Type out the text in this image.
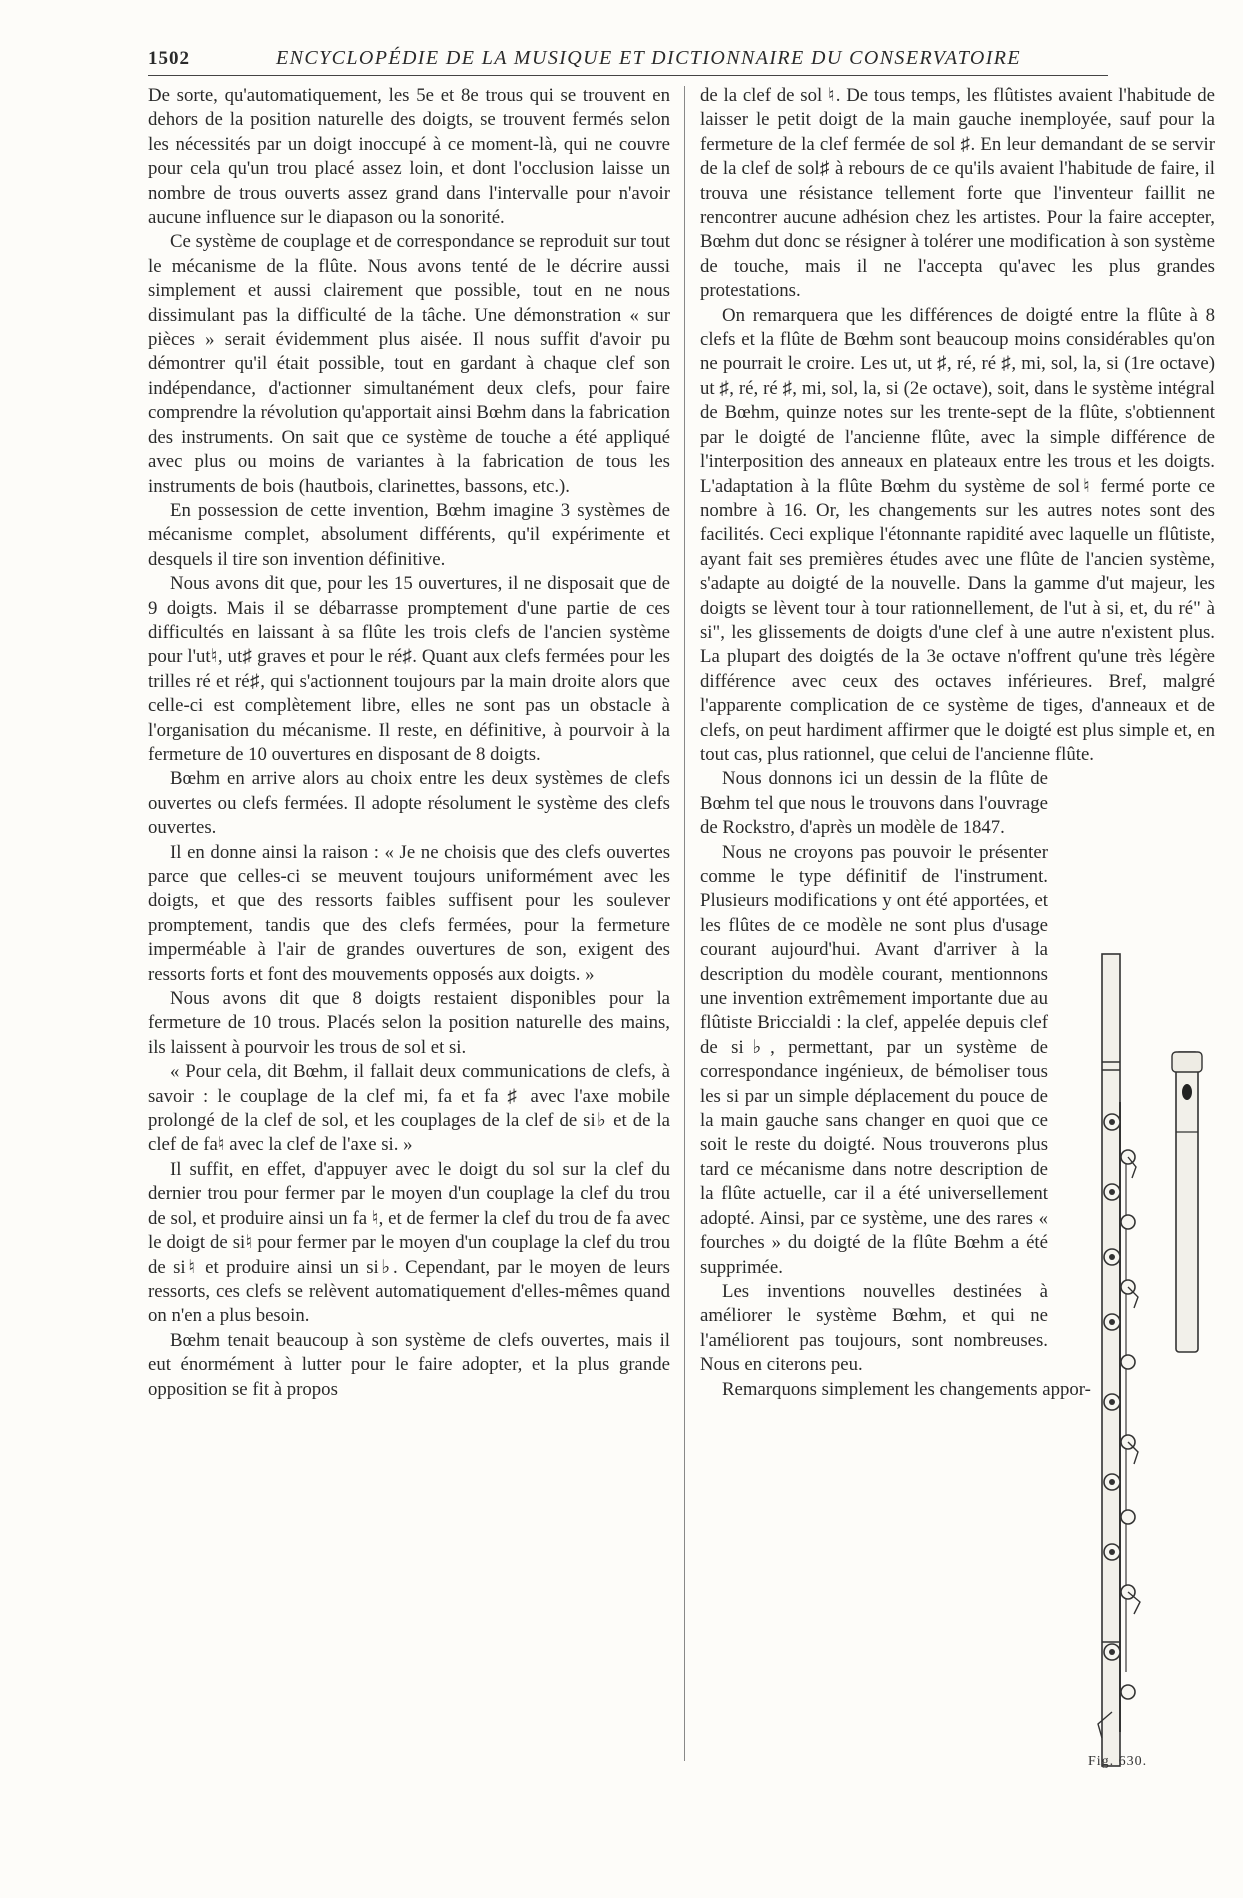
1502	ENCYCLOPÉDIE DE LA MUSIQUE ET DICTIONNAIRE DU CONSERVATOIRE

De sorte, qu'automatiquement, les 5e et 8e trous qui se trouvent en dehors de la position naturelle des doigts, se trouvent fermés selon les nécessités par un doigt inoccupé à ce moment-là, qui ne couvre pour cela qu'un trou placé assez loin, et dont l'occlusion laisse un nombre de trous ouverts assez grand dans l'intervalle pour n'avoir aucune influence sur le diapason ou la sonorité.

Ce système de couplage et de correspondance se reproduit sur tout le mécanisme de la flûte. Nous avons tenté de le décrire aussi simplement et aussi clairement que possible, tout en ne nous dissimulant pas la difficulté de la tâche. Une démonstration « sur pièces » serait évidemment plus aisée. Il nous suffit d'avoir pu démontrer qu'il était possible, tout en gardant à chaque clef son indépendance, d'actionner simultanément deux clefs, pour faire comprendre la révolution qu'apportait ainsi Bœhm dans la fabrication des instruments. On sait que ce système de touche a été appliqué avec plus ou moins de variantes à la fabrication de tous les instruments de bois (hautbois, clarinettes, bassons, etc.).

En possession de cette invention, Bœhm imagine 3 systèmes de mécanisme complet, absolument différents, qu'il expérimente et desquels il tire son invention définitive.

Nous avons dit que, pour les 15 ouvertures, il ne disposait que de 9 doigts. Mais il se débarrasse promptement d'une partie de ces difficultés en laissant à sa flûte les trois clefs de l'ancien système pour l'ut♮, ut♯ graves et pour le ré♯. Quant aux clefs fermées pour les trilles ré et ré♯, qui s'actionnent toujours par la main droite alors que celle-ci est complètement libre, elles ne sont pas un obstacle à l'organisation du mécanisme. Il reste, en définitive, à pourvoir à la fermeture de 10 ouvertures en disposant de 8 doigts.

Bœhm en arrive alors au choix entre les deux systèmes de clefs ouvertes ou clefs fermées. Il adopte résolument le système des clefs ouvertes.

Il en donne ainsi la raison : « Je ne choisis que des clefs ouvertes parce que celles-ci se meuvent toujours uniformément avec les doigts, et que des ressorts faibles suffisent pour les soulever promptement, tandis que des clefs fermées, pour la fermeture imperméable à l'air de grandes ouvertures de son, exigent des ressorts forts et font des mouvements opposés aux doigts. »

Nous avons dit que 8 doigts restaient disponibles pour la fermeture de 10 trous. Placés selon la position naturelle des mains, ils laissent à pourvoir les trous de sol et si.

« Pour cela, dit Bœhm, il fallait deux communications de clefs, à savoir : le couplage de la clef mi, fa et fa ♯ avec l'axe mobile prolongé de la clef de sol, et les couplages de la clef de si♭ et de la clef de fa♮ avec la clef de l'axe si. »

Il suffit, en effet, d'appuyer avec le doigt du sol sur la clef du dernier trou pour fermer par le moyen d'un couplage la clef du trou de sol, et produire ainsi un fa ♮, et de fermer la clef du trou de fa avec le doigt de si♮ pour fermer par le moyen d'un couplage la clef du trou de si♮ et produire ainsi un si♭. Cependant, par le moyen de leurs ressorts, ces clefs se relèvent automatiquement d'elles-mêmes quand on n'en a plus besoin.

Bœhm tenait beaucoup à son système de clefs ouvertes, mais il eut énormément à lutter pour le faire adopter, et la plus grande opposition se fit à propos

de la clef de sol ♮. De tous temps, les flûtistes avaient l'habitude de laisser le petit doigt de la main gauche inemployée, sauf pour la fermeture de la clef fermée de sol ♯. En leur demandant de se servir de la clef de sol♯ à rebours de ce qu'ils avaient l'habitude de faire, il trouva une résistance tellement forte que l'inventeur faillit ne rencontrer aucune adhésion chez les artistes. Pour la faire accepter, Bœhm dut donc se résigner à tolérer une modification à son système de touche, mais il ne l'accepta qu'avec les plus grandes protestations.

On remarquera que les différences de doigté entre la flûte à 8 clefs et la flûte de Bœhm sont beaucoup moins considérables qu'on ne pourrait le croire. Les ut, ut ♯, ré, ré ♯, mi, sol, la, si (1re octave) ut ♯, ré, ré ♯, mi, sol, la, si (2e octave), soit, dans le système intégral de Bœhm, quinze notes sur les trente-sept de la flûte, s'obtiennent par le doigté de l'ancienne flûte, avec la simple différence de l'interposition des anneaux en plateaux entre les trous et les doigts. L'adaptation à la flûte Bœhm du système de sol♮ fermé porte ce nombre à 16. Or, les changements sur les autres notes sont des facilités. Ceci explique l'étonnante rapidité avec laquelle un flûtiste, ayant fait ses premières études avec une flûte de l'ancien système, s'adapte au doigté de la nouvelle. Dans la gamme d'ut majeur, les doigts se lèvent tour à tour rationnellement, de l'ut à si, et, du ré" à si", les glissements de doigts d'une clef à une autre n'existent plus. La plupart des doigtés de la 3e octave n'offrent qu'une très légère différence avec ceux des octaves inférieures. Bref, malgré l'apparente complication de ce système de tiges, d'anneaux et de clefs, on peut hardiment affirmer que le doigté est plus simple et, en tout cas, plus rationnel, que celui de l'ancienne flûte.

Nous donnons ici un dessin de la flûte de Bœhm tel que nous le trouvons dans l'ouvrage de Rockstro, d'après un modèle de 1847.

Nous ne croyons pas pouvoir le présenter comme le type définitif de l'instrument. Plusieurs modifications y ont été apportées, et les flûtes de ce modèle ne sont plus d'usage courant aujourd'hui. Avant d'arriver à la description du modèle courant, mentionnons une invention extrêmement importante due au flûtiste Briccialdi : la clef, appelée depuis clef de si♭, permettant, par un système de correspondance ingénieux, de bémoliser tous les si par un simple déplacement du pouce de la main gauche sans changer en quoi que ce soit le reste du doigté. Nous trouverons plus tard ce mécanisme dans notre description de la flûte actuelle, car il a été universellement adopté. Ainsi, par ce système, une des rares « fourches » du doigté de la flûte Bœhm a été supprimée.

Les inventions nouvelles destinées à améliorer le système Bœhm, et qui ne l'améliorent pas toujours, sont nombreuses. Nous en citerons peu.

Remarquons simplement les changements appor-

Fig. 630.
